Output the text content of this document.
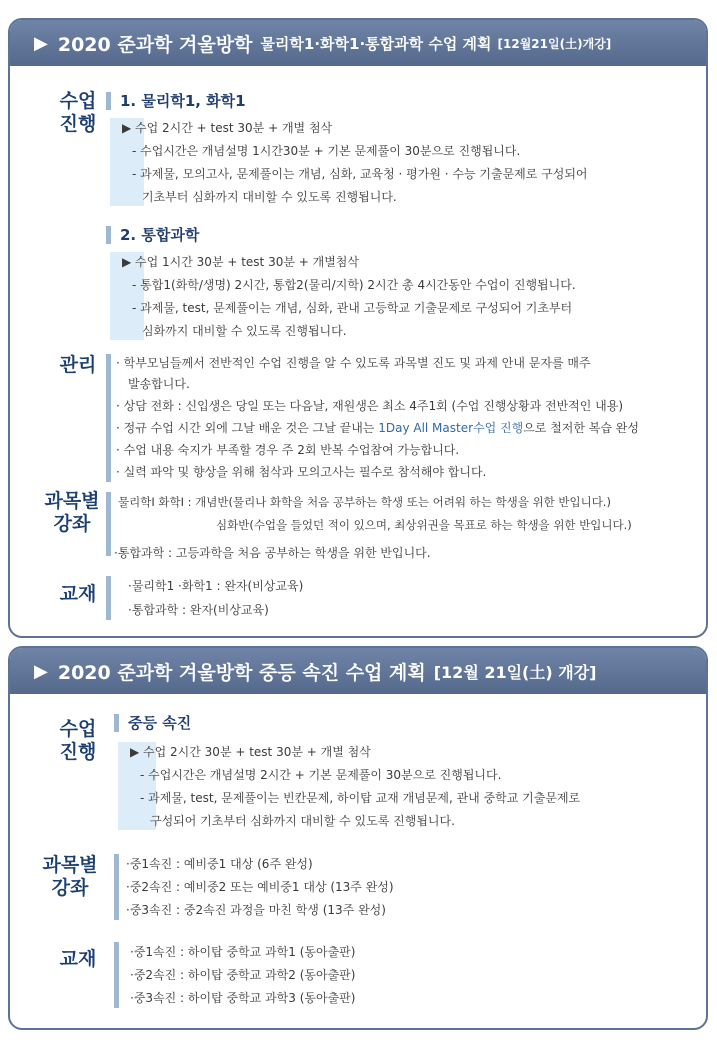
▶ 2020 준과학 겨울방학 물리학1·화학1·통합과학 수업 계획 [12월21일(土)개강]
수업
진행
1. 물리학1, 화학1
▶ 수업 2시간 + test 30분 + 개별 첨삭
- 수업시간은 개념설명 1시간30분 + 기본 문제풀이 30분으로 진행됩니다.
- 과제물, 모의고사, 문제풀이는 개념, 심화, 교육청 · 평가원 · 수능 기출문제로 구성되어
기초부터 심화까지 대비할 수 있도록 진행됩니다.
2. 통합과학
▶ 수업 1시간 30분 + test 30분 + 개별첨삭
- 통합1(화학/생명) 2시간, 통합2(물리/지학) 2시간 총 4시간동안 수업이 진행됩니다.
- 과제물, test, 문제풀이는 개념, 심화, 관내 고등학교 기출문제로 구성되어 기초부터
심화까지 대비할 수 있도록 진행됩니다.
관리	· 학부모님들께서 전반적인 수업 진행을 알 수 있도록 과목별 진도 및 과제 안내 문자를 매주
발송합니다.
· 상담 전화 : 신입생은 당일 또는 다음날, 재원생은 최소 4주1회 (수업 진행상황과 전반적인 내용)
· 정규 수업 시간 외에 그날 배운 것은 그날 끝내는 1Day All Master수업 진행으로 철저한 복습 완성
· 수업 내용 숙지가 부족할 경우 주 2회 반복 수업참여 가능합니다.
· 실력 파악 및 향상을 위해 첨삭과 모의고사는 필수로 참석해야 합니다.
과목별
강좌
물리학I 화학I : 개념반(물리나 화학을 처음 공부하는 학생 또는 어려워 하는 학생을 위한 반입니다.)
심화반(수업을 들었던 적이 있으며, 최상위권을 목표로 하는 학생을 위한 반입니다.)
·통합과학 : 고등과학을 처음 공부하는 학생을 위한 반입니다.
교재	·물리학1 ·화학1 : 완자(비상교육)
·통합과학 : 완자(비상교육)
▶ 2020 준과학 겨울방학 중등 속진 수업 계획 [12월 21일(土) 개강]
수업
진행
중등 속진
▶ 수업 2시간 30분 + test 30분 + 개별 첨삭
- 수업시간은 개념설명 2시간 + 기본 문제풀이 30분으로 진행됩니다.
- 과제물, test, 문제풀이는 빈칸문제, 하이탑 교재 개념문제, 관내 중학교 기출문제로
구성되어 기초부터 심화까지 대비할 수 있도록 진행됩니다.
과목별
강좌
·중1속진 : 예비중1 대상 (6주 완성)
·중2속진 : 예비중2 또는 예비중1 대상 (13주 완성)
·중3속진 : 중2속진 과정을 마친 학생 (13주 완성)
교재	·중1속진 : 하이탑 중학교 과학1 (동아출판)
·중2속진 : 하이탑 중학교 과학2 (동아출판)
·중3속진 : 하이탑 중학교 과학3 (동아출판)
